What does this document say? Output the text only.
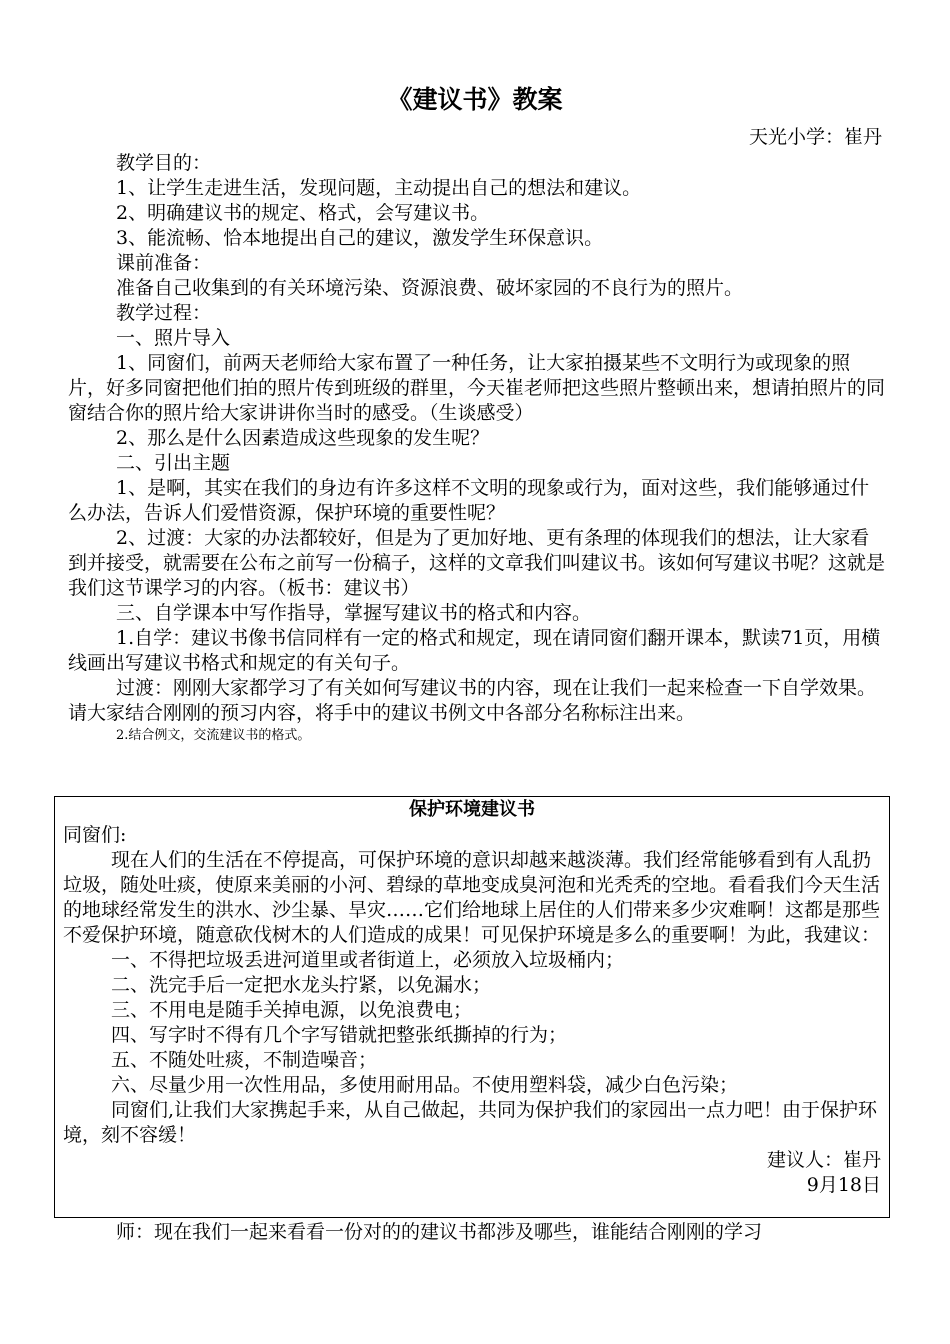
《建议书》教案
天光小学：崔丹

教学目的：

1、让学生走进生活，发现问题，主动提出自己的想法和建议。

2、明确建议书的规定、格式，会写建议书。

3、能流畅、恰本地提出自己的建议，激发学生环保意识。

课前准备：

准备自己收集到的有关环境污染、资源浪费、破坏家园的不良行为的照片。

教学过程：

一、照片导入

1、同窗们，前两天老师给大家布置了一种任务，让大家拍摄某些不文明行为或现象的照片，好多同窗把他们拍的照片传到班级的群里，今天崔老师把这些照片整顿出来，想请拍照片的同窗结合你的照片给大家讲讲你当时的感受。（生谈感受）

2、那么是什么因素造成这些现象的发生呢？

二、引出主题

1、是啊，其实在我们的身边有许多这样不文明的现象或行为，面对这些，我们能够通过什么办法，告诉人们爱惜资源，保护环境的重要性呢？

2、过渡：大家的办法都较好，但是为了更加好地、更有条理的体现我们的想法，让大家看到并接受，就需要在公布之前写一份稿子，这样的文章我们叫建议书。该如何写建议书呢？这就是我们这节课学习的内容。（板书：建议书）

三、自学课本中写作指导，掌握写建议书的格式和内容。

1.自学：建议书像书信同样有一定的格式和规定，现在请同窗们翻开课本，默读71页，用横线画出写建议书格式和规定的有关句子。

过渡：刚刚大家都学习了有关如何写建议书的内容，现在让我们一起来检查一下自学效果。请大家结合刚刚的预习内容，将手中的建议书例文中各部分名称标注出来。

2.结合例文，交流建议书的格式。

保护环境建议书

同窗们:

现在人们的生活在不停提高，可保护环境的意识却越来越淡薄。我们经常能够看到有人乱扔垃圾，随处吐痰，使原来美丽的小河、碧绿的草地变成臭河泡和光秃秃的空地。看看我们今天生活的地球经常发生的洪水、沙尘暴、旱灾……它们给地球上居住的人们带来多少灾难啊！这都是那些不爱保护环境，随意砍伐树木的人们造成的成果！可见保护环境是多么的重要啊！为此，我建议：

一、不得把垃圾丢进河道里或者街道上，必须放入垃圾桶内；

二、洗完手后一定把水龙头拧紧，以免漏水；

三、不用电是随手关掉电源，以免浪费电；

四、写字时不得有几个字写错就把整张纸撕掉的行为；

五、不随处吐痰，不制造噪音；

六、尽量少用一次性用品，多使用耐用品。不使用塑料袋，减少白色污染；

同窗们,让我们大家携起手来，从自己做起，共同为保护我们的家园出一点力吧！由于保护环境，刻不容缓！

建议人：崔丹

9月18日

师：现在我们一起来看看一份对的的建议书都涉及哪些，谁能结合刚刚的学习
